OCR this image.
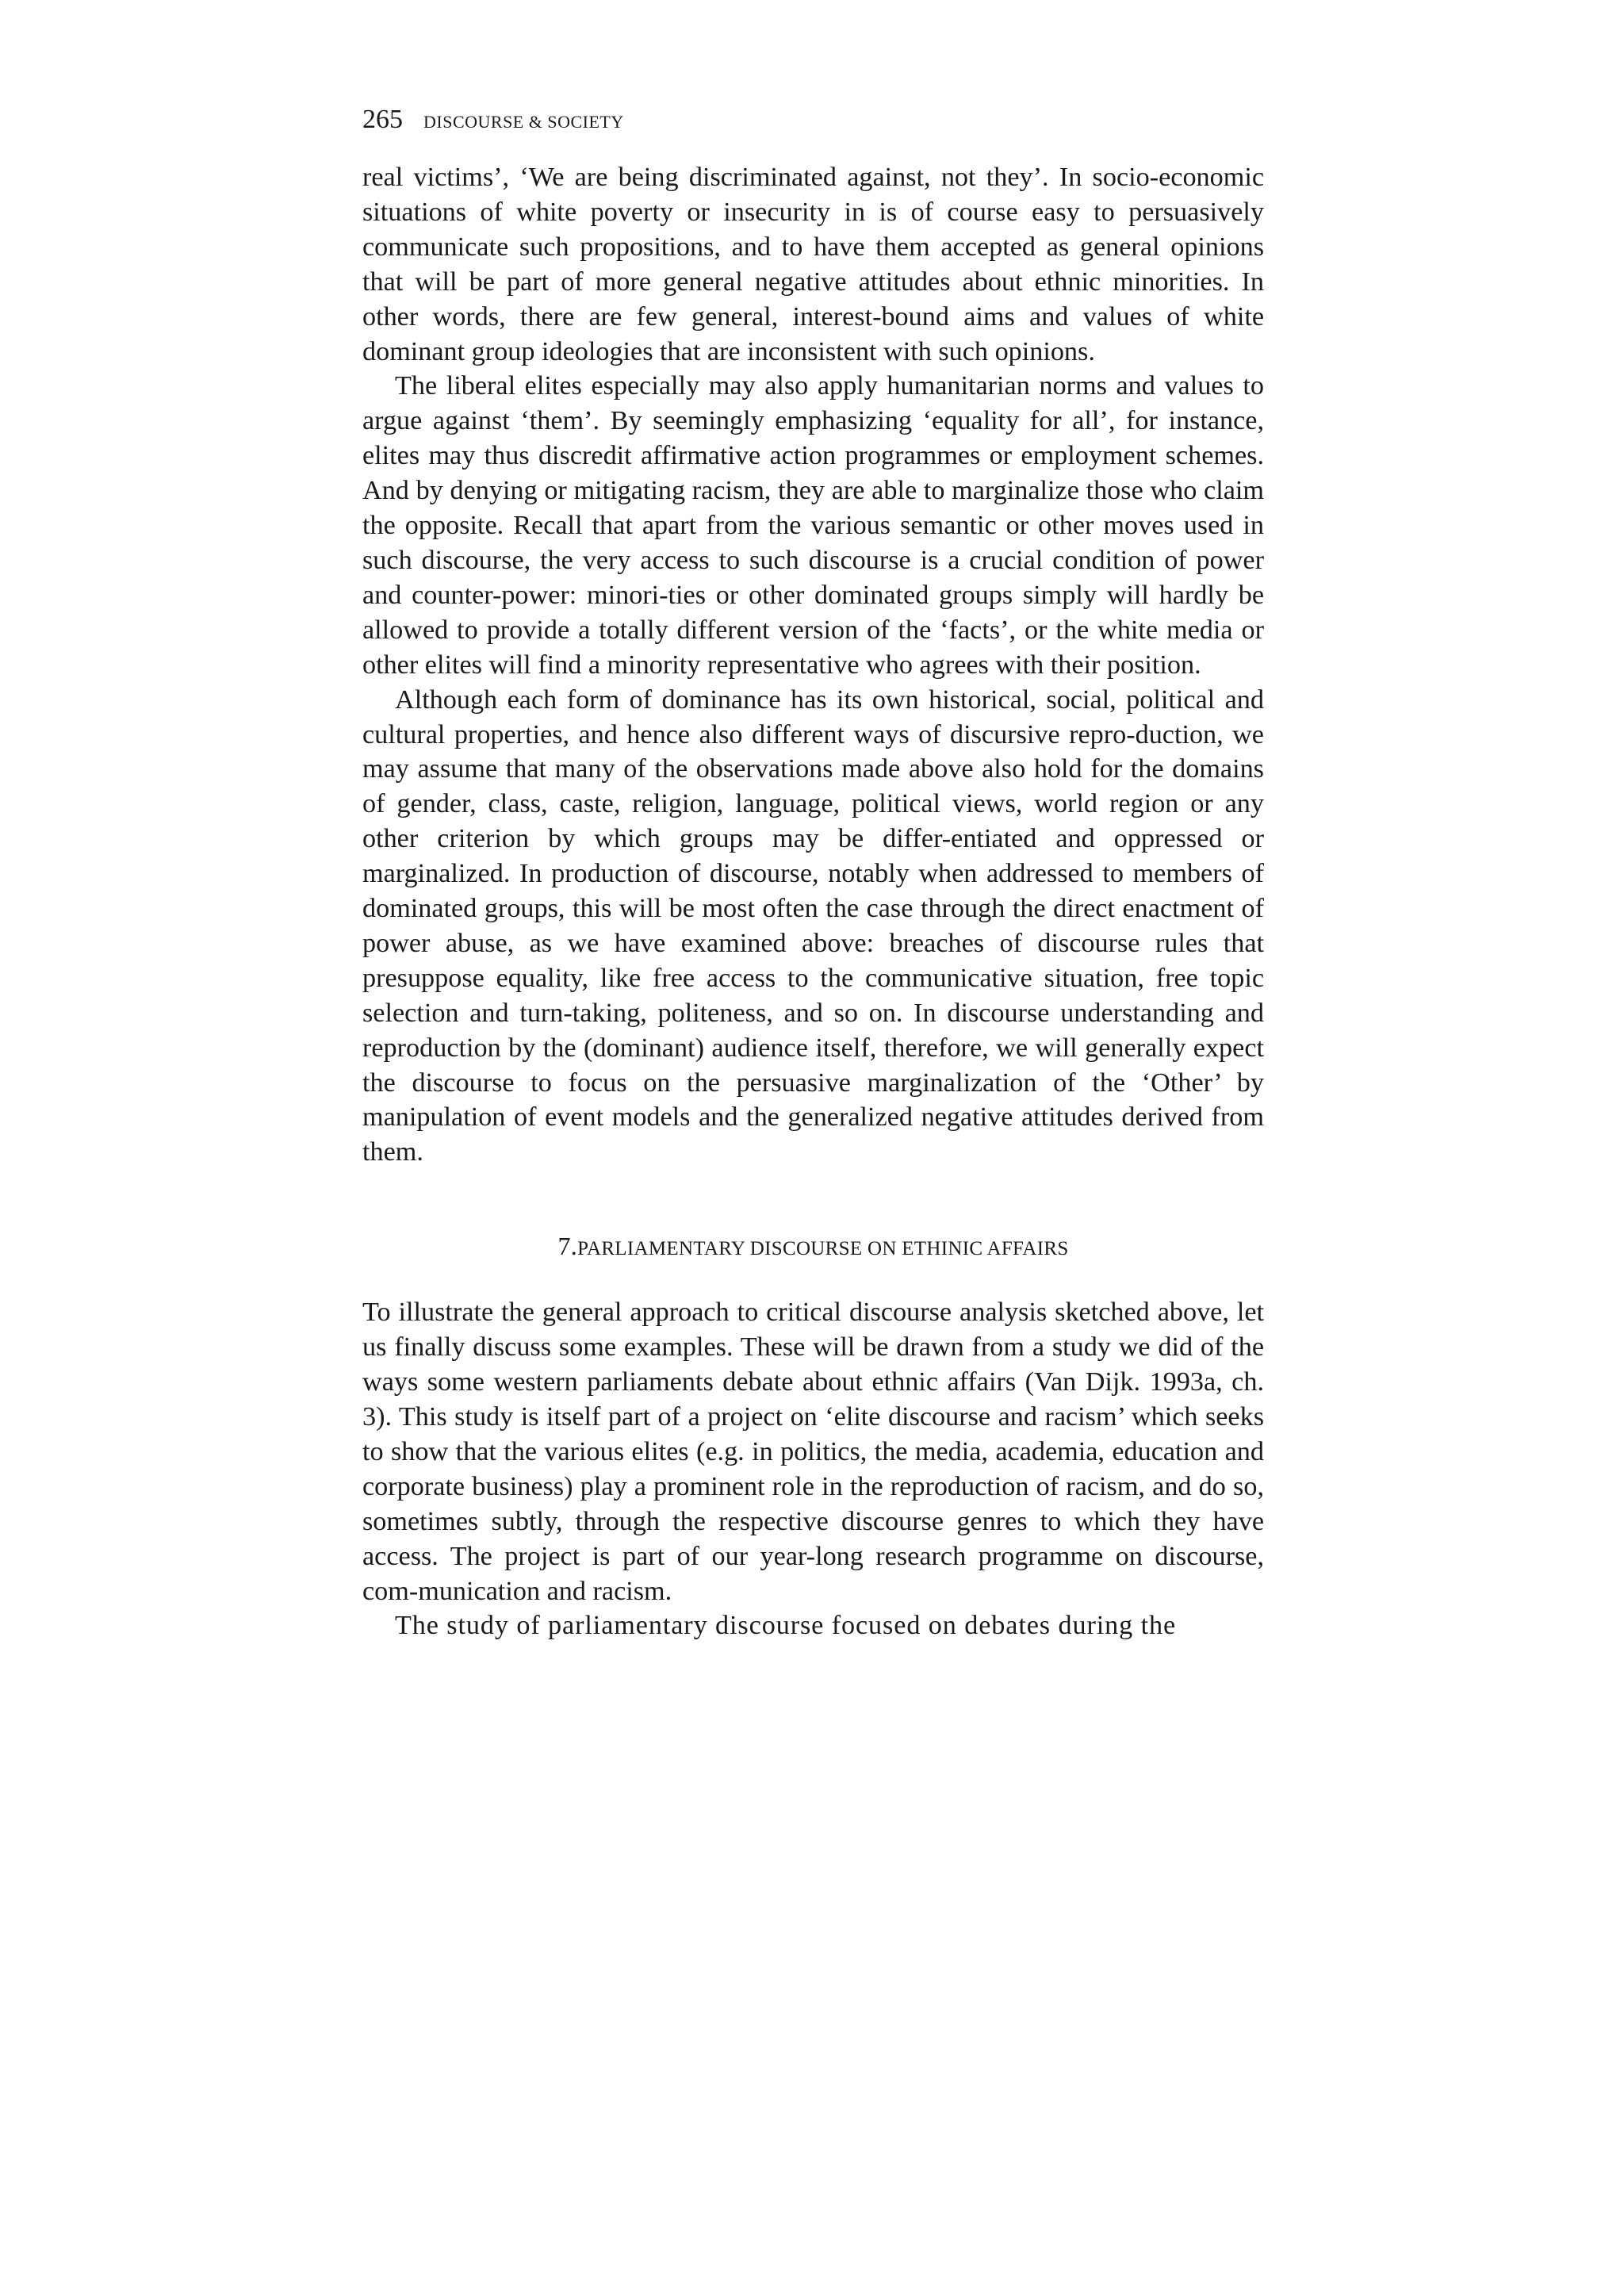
265 DISCOURSE & SOCIETY

real victims’, ‘We are being discriminated against, not they’. In socio-economic situations of white poverty or insecurity in is of course easy to persuasively communicate such propositions, and to have them accepted as general opinions that will be part of more general negative attitudes about ethnic minorities. In other words, there are few general, interest-bound aims and values of white dominant group ideologies that are inconsistent with such opinions.

The liberal elites especially may also apply humanitarian norms and values to argue against ‘them’. By seemingly emphasizing ‘equality for all’, for instance, elites may thus discredit affirmative action programmes or employment schemes. And by denying or mitigating racism, they are able to marginalize those who claim the opposite. Recall that apart from the various semantic or other moves used in such discourse, the very access to such discourse is a crucial condition of power and counter-power: minori-ties or other dominated groups simply will hardly be allowed to provide a totally different version of the ‘facts’, or the white media or other elites will find a minority representative who agrees with their position.

Although each form of dominance has its own historical, social, political and cultural properties, and hence also different ways of discursive repro-duction, we may assume that many of the observations made above also hold for the domains of gender, class, caste, religion, language, political views, world region or any other criterion by which groups may be differ-entiated and oppressed or marginalized. In production of discourse, notably when addressed to members of dominated groups, this will be most often the case through the direct enactment of power abuse, as we have examined above: breaches of discourse rules that presuppose equality, like free access to the communicative situation, free topic selection and turn-taking, politeness, and so on. In discourse understanding and reproduction by the (dominant) audience itself, therefore, we will generally expect the discourse to focus on the persuasive marginalization of the ‘Other’ by manipulation of event models and the generalized negative attitudes derived from them.

7.PARLIAMENTARY DISCOURSE ON ETHINIC AFFAIRS

To illustrate the general approach to critical discourse analysis sketched above, let us finally discuss some examples. These will be drawn from a study we did of the ways some western parliaments debate about ethnic affairs (Van Dijk. 1993a, ch. 3). This study is itself part of a project on ‘elite discourse and racism’ which seeks to show that the various elites (e.g. in politics, the media, academia, education and corporate business) play a prominent role in the reproduction of racism, and do so, sometimes subtly, through the respective discourse genres to which they have access. The project is part of our year-long research programme on discourse, com-munication and racism.

The study of parliamentary discourse focused on debates during the
